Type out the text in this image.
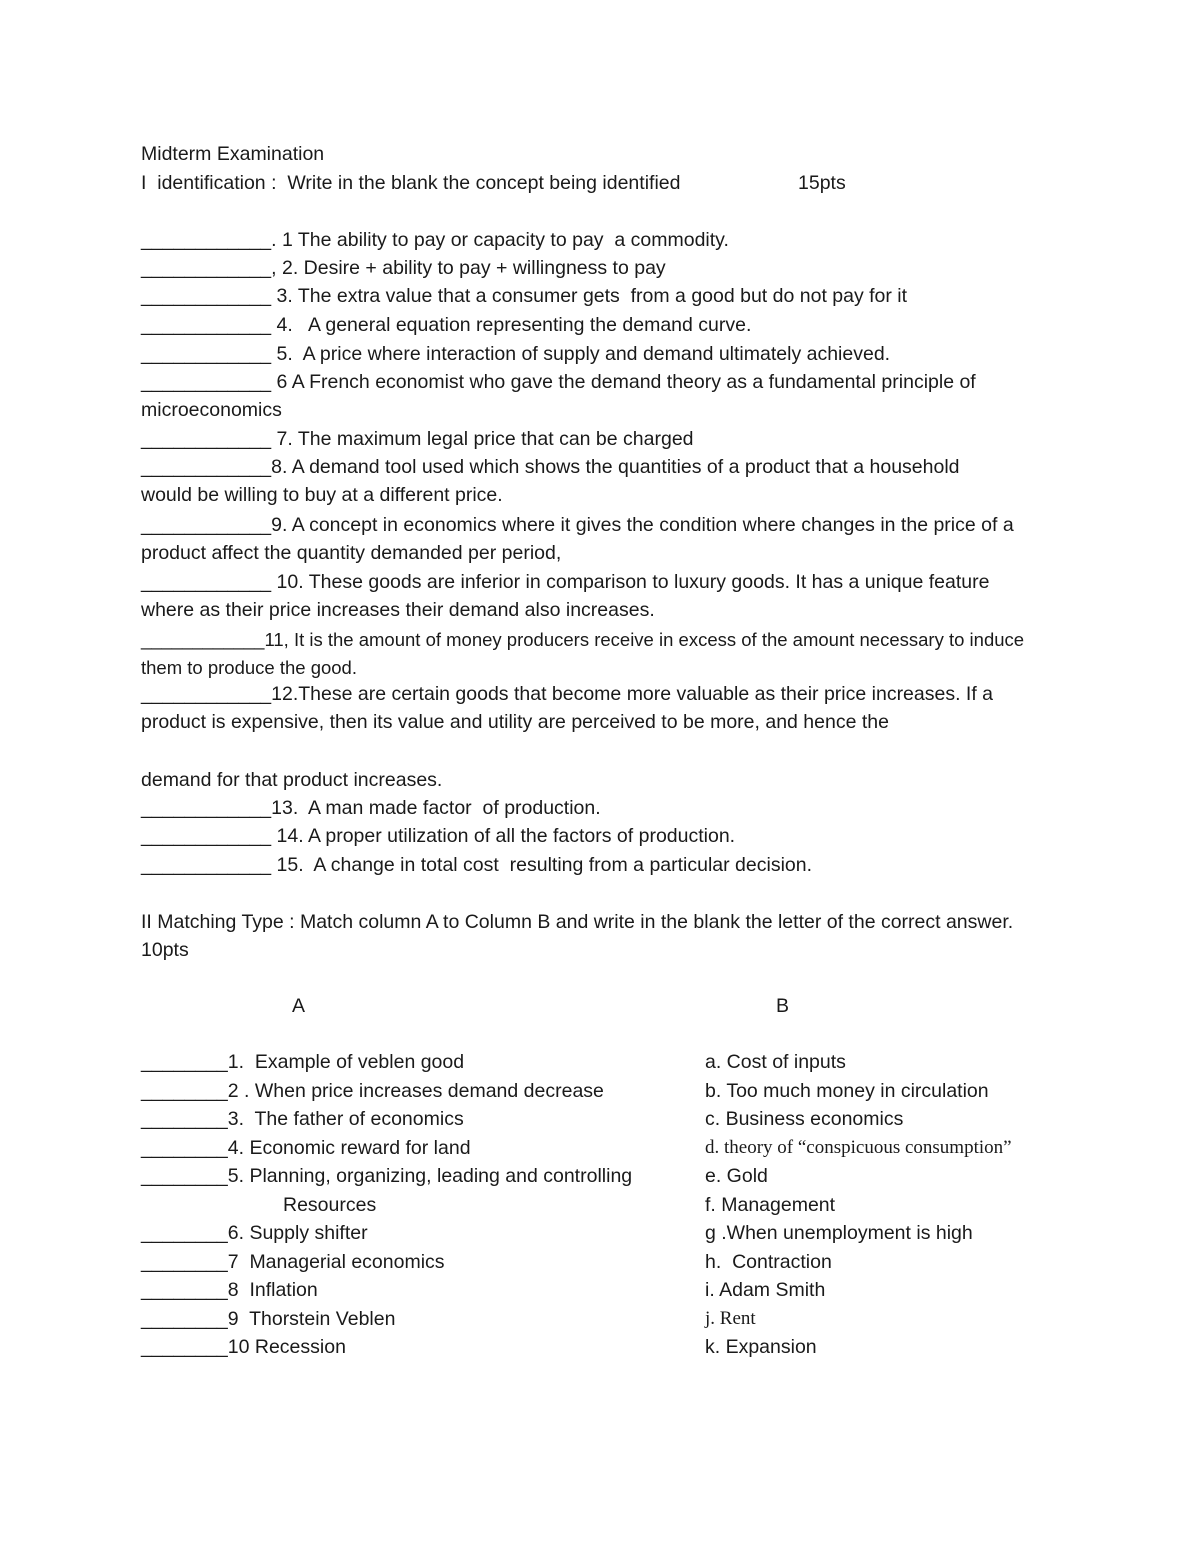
Midterm Examination
I  identification :  Write in the blank the concept being identified	15pts
____________. 1 The ability to pay or capacity to pay  a commodity.
____________, 2. Desire + ability to pay + willingness to pay
____________ 3. The extra value that a consumer gets  from a good but do not pay for it
____________ 4.   A general equation representing the demand curve.
____________ 5.  A price where interaction of supply and demand ultimately achieved.
____________ 6 A French economist who gave the demand theory as a fundamental principle of microeconomics
____________ 7. The maximum legal price that can be charged
____________8. A demand tool used which shows the quantities of a product that a household would be willing to buy at a different price.
____________9. A concept in economics where it gives the condition where changes in the price of a product affect the quantity demanded per period,
____________ 10. These goods are inferior in comparison to luxury goods. It has a unique feature where as their price increases their demand also increases.
____________11, It is the amount of money producers receive in excess of the amount necessary to induce them to produce the good.
____________12.These are certain goods that become more valuable as their price increases. If a product is expensive, then its value and utility are perceived to be more, and hence the
demand for that product increases.
____________13.  A man made factor  of production.
____________ 14. A proper utilization of all the factors of production.
____________ 15.  A change in total cost  resulting from a particular decision.
II Matching Type : Match column A to Column B and write in the blank the letter of the correct answer. 10pts
A	B
________1.  Example of veblen good
________2 . When price increases demand decrease
________3.  The father of economics
________4. Economic reward for land
________5. Planning, organizing, leading and controlling
Resources
________6. Supply shifter
________7  Managerial economics
________8  Inflation
________9  Thorstein Veblen
________10 Recession
a. Cost of inputs
b. Too much money in circulation
c. Business economics
d. theory of “conspicuous consumption”
e. Gold
f. Management
g .When unemployment is high
h.  Contraction
i. Adam Smith
j. Rent
k. Expansion
